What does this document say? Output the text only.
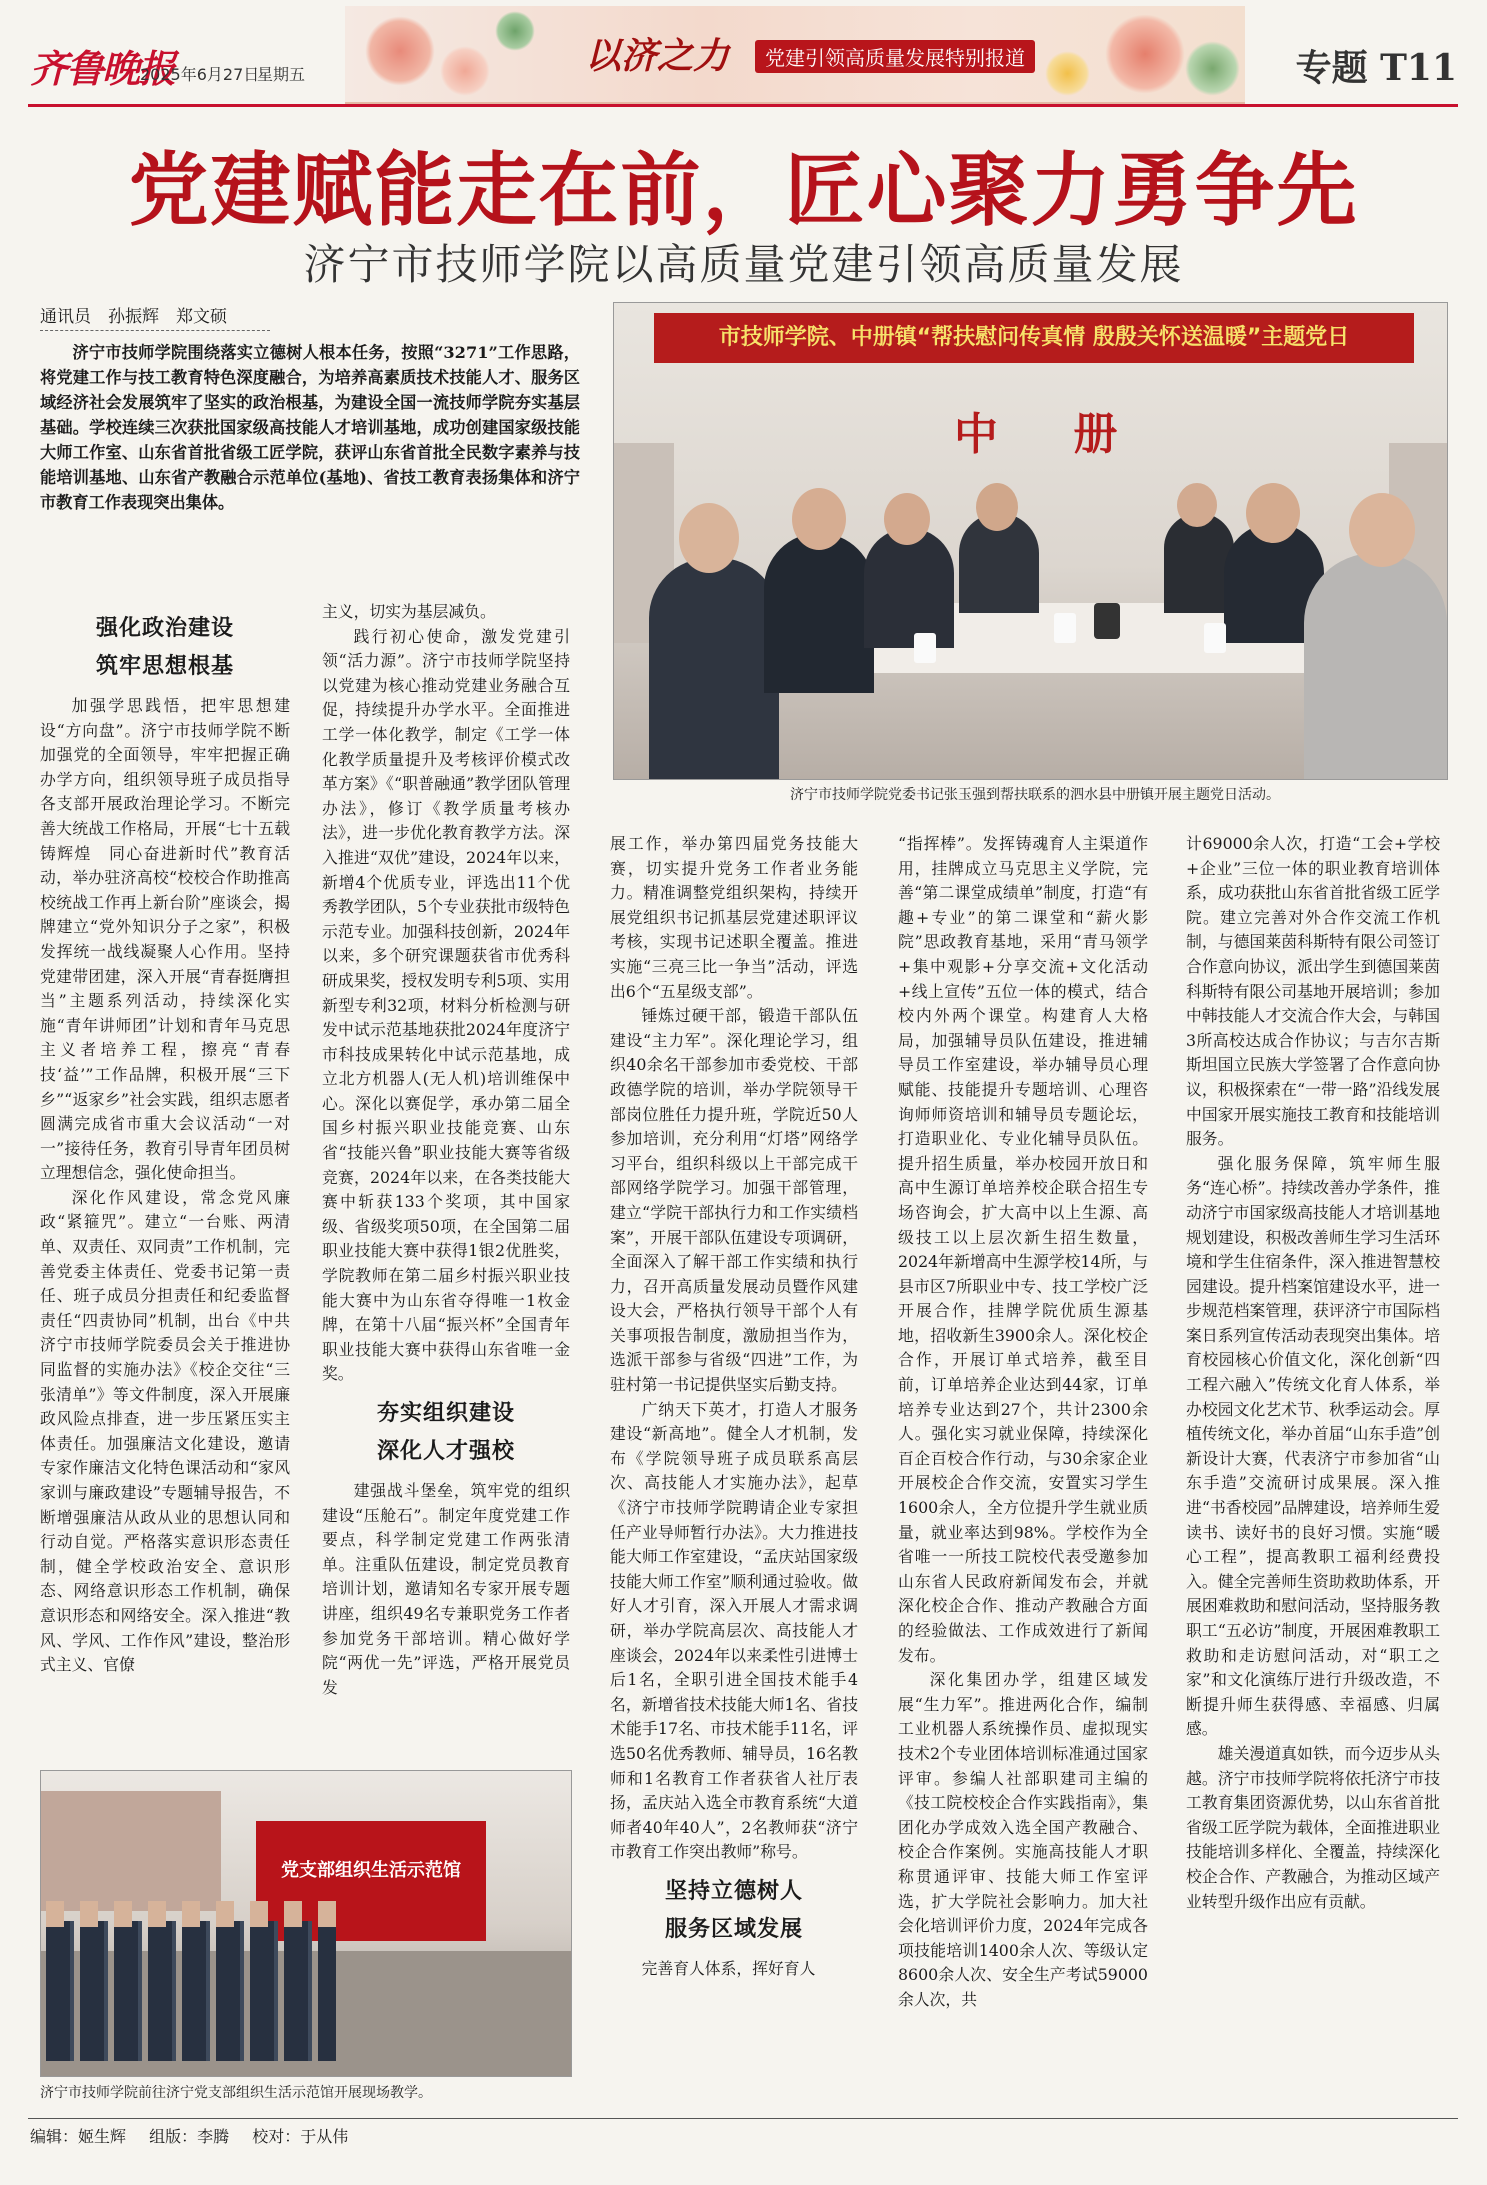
齐鲁晚报
2025年6月27日
星期五	以济之力	党建引领高质量发展特别报道	专题 T11
党建赋能走在前，匠心聚力勇争先
济宁市技师学院以高质量党建引领高质量发展
通讯员　孙振辉　郑文硕
济宁市技师学院围绕落实立德树人根本任务，按照“3271”工作思路，将党建工作与技工教育特色深度融合，为培养高素质技术技能人才、服务区域经济社会发展筑牢了坚实的政治根基，为建设全国一流技师学院夯实基层基础。学校连续三次获批国家级高技能人才培训基地，成功创建国家级技能大师工作室、山东省首批省级工匠学院，获评山东省首批全民数字素养与技能培训基地、山东省产教融合示范单位(基地)、省技工教育表扬集体和济宁市教育工作表现突出集体。
市技师学院、中册镇“帮扶慰问传真情 殷殷关怀送温暖”主题党日
中 册
济宁市技师学院党委书记张玉强到帮扶联系的泗水县中册镇开展主题党日活动。
党支部组织生活示范馆
济宁市技师学院前往济宁党支部组织生活示范馆开展现场教学。
强化政治建设
筑牢思想根基

加强学思践悟，把牢思想建设“方向盘”。济宁市技师学院不断加强党的全面领导，牢牢把握正确办学方向，组织领导班子成员指导各支部开展政治理论学习。不断完善大统战工作格局，开展“七十五载铸辉煌　同心奋进新时代”教育活动，举办驻济高校“校校合作助推高校统战工作再上新台阶”座谈会，揭牌建立“党外知识分子之家”，积极发挥统一战线凝聚人心作用。坚持党建带团建，深入开展“青春挺膺担当”主题系列活动，持续深化实施“青年讲师团”计划和青年马克思主义者培养工程，擦亮“青春技‘益’”工作品牌，积极开展“三下乡”“返家乡”社会实践，组织志愿者圆满完成省市重大会议活动“一对一”接待任务，教育引导青年团员树立理想信念，强化使命担当。

深化作风建设，常念党风廉政“紧箍咒”。建立“一台账、两清单、双责任、双同责”工作机制，完善党委主体责任、党委书记第一责任、班子成员分担责任和纪委监督责任“四责协同”机制，出台《中共济宁市技师学院委员会关于推进协同监督的实施办法》《校企交往“三张清单”》等文件制度，深入开展廉政风险点排查，进一步压紧压实主体责任。加强廉洁文化建设，邀请专家作廉洁文化特色课活动和“家风家训与廉政建设”专题辅导报告，不断增强廉洁从政从业的思想认同和行动自觉。严格落实意识形态责任制，健全学校政治安全、意识形态、网络意识形态工作机制，确保意识形态和网络安全。深入推进“教风、学风、工作作风”建设，整治形式主义、官僚

主义，切实为基层减负。

践行初心使命，激发党建引领“活力源”。济宁市技师学院坚持以党建为核心推动党建业务融合互促，持续提升办学水平。全面推进工学一体化教学，制定《工学一体化教学质量提升及考核评价模式改革方案》《“职普融通”教学团队管理办法》，修订《教学质量考核办法》，进一步优化教育教学方法。深入推进“双优”建设，2024年以来，新增4个优质专业，评选出11个优秀教学团队，5个专业获批市级特色示范专业。加强科技创新，2024年以来，多个研究课题获省市优秀科研成果奖，授权发明专利5项、实用新型专利32项，材料分析检测与研发中试示范基地获批2024年度济宁市科技成果转化中试示范基地，成立北方机器人(无人机)培训维保中心。深化以赛促学，承办第二届全国乡村振兴职业技能竞赛、山东省“技能兴鲁”职业技能大赛等省级竞赛，2024年以来，在各类技能大赛中斩获133个奖项，其中国家级、省级奖项50项，在全国第二届职业技能大赛中获得1银2优胜奖，学院教师在第二届乡村振兴职业技能大赛中为山东省夺得唯一1枚金牌，在第十八届“振兴杯”全国青年职业技能大赛中获得山东省唯一金奖。

夯实组织建设
深化人才强校

建强战斗堡垒，筑牢党的组织建设“压舱石”。制定年度党建工作要点，科学制定党建工作两张清单。注重队伍建设，制定党员教育培训计划，邀请知名专家开展专题讲座，组织49名专兼职党务工作者参加党务干部培训。精心做好学院“两优一先”评选，严格开展党员发

展工作，举办第四届党务技能大赛，切实提升党务工作者业务能力。精准调整党组织架构，持续开展党组织书记抓基层党建述职评议考核，实现书记述职全覆盖。推进实施“三亮三比一争当”活动，评选出6个“五星级支部”。

锤炼过硬干部，锻造干部队伍建设“主力军”。深化理论学习，组织40余名干部参加市委党校、干部政德学院的培训，举办学院领导干部岗位胜任力提升班，学院近50人参加培训，充分利用“灯塔”网络学习平台，组织科级以上干部完成干部网络学院学习。加强干部管理，建立“学院干部执行力和工作实绩档案”，开展干部队伍建设专项调研，全面深入了解干部工作实绩和执行力，召开高质量发展动员暨作风建设大会，严格执行领导干部个人有关事项报告制度，激励担当作为，选派干部参与省级“四进”工作，为驻村第一书记提供坚实后勤支持。

广纳天下英才，打造人才服务建设“新高地”。健全人才机制，发布《学院领导班子成员联系高层次、高技能人才实施办法》，起草《济宁市技师学院聘请企业专家担任产业导师暂行办法》。大力推进技能大师工作室建设，“孟庆站国家级技能大师工作室”顺利通过验收。做好人才引育，深入开展人才需求调研，举办学院高层次、高技能人才座谈会，2024年以来柔性引进博士后1名，全职引进全国技术能手4名，新增省技术技能大师1名、省技术能手17名、市技术能手11名，评选50名优秀教师、辅导员，16名教师和1名教育工作者获省人社厅表扬，孟庆站入选全市教育系统“大道师者40年40人”，2名教师获“济宁市教育工作突出教师”称号。

坚持立德树人
服务区域发展

完善育人体系，挥好育人

“指挥棒”。发挥铸魂育人主渠道作用，挂牌成立马克思主义学院，完善“第二课堂成绩单”制度，打造“有趣+专业”的第二课堂和“薪火影院”思政教育基地，采用“青马领学+集中观影+分享交流+文化活动+线上宣传”五位一体的模式，结合校内外两个课堂。构建育人大格局，加强辅导员队伍建设，推进辅导员工作室建设，举办辅导员心理赋能、技能提升专题培训、心理咨询师师资培训和辅导员专题论坛，打造职业化、专业化辅导员队伍。提升招生质量，举办校园开放日和高中生源订单培养校企联合招生专场咨询会，扩大高中以上生源、高级技工以上层次新生招生数量，2024年新增高中生源学校14所，与县市区7所职业中专、技工学校广泛开展合作，挂牌学院优质生源基地，招收新生3900余人。深化校企合作，开展订单式培养，截至目前，订单培养企业达到44家，订单培养专业达到27个，共计2300余人。强化实习就业保障，持续深化百企百校合作行动，与30余家企业开展校企合作交流，安置实习学生1600余人，全方位提升学生就业质量，就业率达到98%。学校作为全省唯一一所技工院校代表受邀参加山东省人民政府新闻发布会，并就深化校企合作、推动产教融合方面的经验做法、工作成效进行了新闻发布。

深化集团办学，组建区域发展“生力军”。推进两化合作，编制工业机器人系统操作员、虚拟现实技术2个专业团体培训标准通过国家评审。参编人社部职建司主编的《技工院校校企合作实践指南》，集团化办学成效入选全国产教融合、校企合作案例。实施高技能人才职称贯通评审、技能大师工作室评选，扩大学院社会影响力。加大社会化培训评价力度，2024年完成各项技能培训1400余人次、等级认定8600余人次、安全生产考试59000余人次，共

计69000余人次，打造“工会+学校+企业”三位一体的职业教育培训体系，成功获批山东省首批省级工匠学院。建立完善对外合作交流工作机制，与德国莱茵科斯特有限公司签订合作意向协议，派出学生到德国莱茵科斯特有限公司基地开展培训；参加中韩技能人才交流合作大会，与韩国3所高校达成合作协议；与吉尔吉斯斯坦国立民族大学签署了合作意向协议，积极探索在“一带一路”沿线发展中国家开展实施技工教育和技能培训服务。

强化服务保障，筑牢师生服务“连心桥”。持续改善办学条件，推动济宁市国家级高技能人才培训基地规划建设，积极改善师生学习生活环境和学生住宿条件，深入推进智慧校园建设。提升档案馆建设水平，进一步规范档案管理，获评济宁市国际档案日系列宣传活动表现突出集体。培育校园核心价值文化，深化创新“四工程六融入”传统文化育人体系，举办校园文化艺术节、秋季运动会。厚植传统文化，举办首届“山东手造”创新设计大赛，代表济宁市参加省“山东手造”交流研讨成果展。深入推进“书香校园”品牌建设，培养师生爱读书、读好书的良好习惯。实施“暖心工程”，提高教职工福利经费投入。健全完善师生资助救助体系，开展困难救助和慰问活动，坚持服务教职工“五必访”制度，开展困难教职工救助和走访慰问活动，对“职工之家”和文化演练厅进行升级改造，不断提升师生获得感、幸福感、归属感。

雄关漫道真如铁，而今迈步从头越。济宁市技师学院将依托济宁市技工教育集团资源优势，以山东省首批省级工匠学院为载体，全面推进职业技能培训多样化、全覆盖，持续深化校企合作、产教融合，为推动区域产业转型升级作出应有贡献。

编辑：姬生辉 组版：李腾 校对：于从伟
